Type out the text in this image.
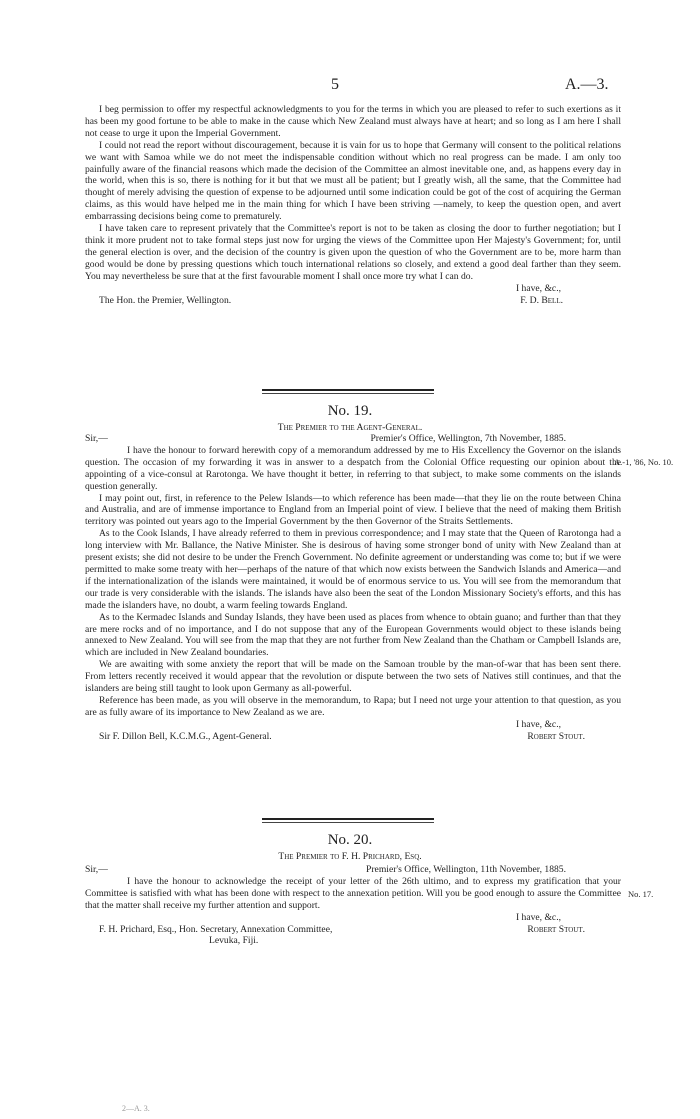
5	A.—3.

I beg permission to offer my respectful acknowledgments to you for the terms in which you are pleased to refer to such exertions as it has been my good fortune to be able to make in the cause which New Zealand must always have at heart; and so long as I am here I shall not cease to urge it upon the Imperial Government.

I could not read the report without discouragement, because it is vain for us to hope that Germany will consent to the political relations we want with Samoa while we do not meet the indispensable condition without which no real progress can be made. I am only too painfully aware of the financial reasons which made the decision of the Committee an almost inevitable one, and, as happens every day in the world, when this is so, there is nothing for it but that we must all be patient; but I greatly wish, all the same, that the Committee had thought of merely advising the question of expense to be adjourned until some indication could be got of the cost of acquiring the German claims, as this would have helped me in the main thing for which I have been striving —namely, to keep the question open, and avert embarrassing decisions being come to prematurely.

I have taken care to represent privately that the Committee's report is not to be taken as closing the door to further negotiation; but I think it more prudent not to take formal steps just now for urging the views of the Committee upon Her Majesty's Government; for, until the general election is over, and the decision of the country is given upon the question of who the Government are to be, more harm than good would be done by pressing questions which touch international relations so closely, and extend a good deal farther than they seem. You may nevertheless be sure that at the first favourable moment I shall once more try what I can do.

I have, &c.,
The Hon. the Premier, Wellington.	F. D. Bell.
No. 19.
The Premier to the Agent-General.
A.-1, '86, No. 10.
Sir,—	Premier's Office, Wellington, 7th November, 1885.

I have the honour to forward herewith copy of a memorandum addressed by me to His Excellency the Governor on the islands question. The occasion of my forwarding it was in answer to a despatch from the Colonial Office requesting our opinion about the appointing of a vice-consul at Rarotonga. We have thought it better, in referring to that subject, to make some comments on the islands question generally.

I may point out, first, in reference to the Pelew Islands—to which reference has been made—that they lie on the route between China and Australia, and are of immense importance to England from an Imperial point of view. I believe that the need of making them British territory was pointed out years ago to the Imperial Government by the then Governor of the Straits Settlements.

As to the Cook Islands, I have already referred to them in previous correspondence; and I may state that the Queen of Rarotonga had a long interview with Mr. Ballance, the Native Minister. She is desirous of having some stronger bond of unity with New Zealand than at present exists; she did not desire to be under the French Government. No definite agreement or understanding was come to; but if we were permitted to make some treaty with her—perhaps of the nature of that which now exists between the Sandwich Islands and America—and if the internationalization of the islands were maintained, it would be of enormous service to us. You will see from the memorandum that our trade is very considerable with the islands. The islands have also been the seat of the London Missionary Society's efforts, and this has made the islanders have, no doubt, a warm feeling towards England.

As to the Kermadec Islands and Sunday Islands, they have been used as places from whence to obtain guano; and further than that they are mere rocks and of no importance, and I do not suppose that any of the European Governments would object to these islands being annexed to New Zealand. You will see from the map that they are not further from New Zealand than the Chatham or Campbell Islands are, which are included in New Zealand boundaries.

We are awaiting with some anxiety the report that will be made on the Samoan trouble by the man-of-war that has been sent there. From letters recently received it would appear that the revolution or dispute between the two sets of Natives still continues, and that the islanders are being still taught to look upon Germany as all-powerful.

Reference has been made, as you will observe in the memorandum, to Rapa; but I need not urge your attention to that question, as you are as fully aware of its importance to New Zealand as we are.

I have, &c.,
Sir F. Dillon Bell, K.C.M.G., Agent-General.	Robert Stout.
No. 20.
The Premier to F. H. Prichard, Esq.
No. 17.
Sir,—	Premier's Office, Wellington, 11th November, 1885.

I have the honour to acknowledge the receipt of your letter of the 26th ultimo, and to express my gratification that your Committee is satisfied with what has been done with respect to the annexation petition. Will you be good enough to assure the Committee that the matter shall receive my further attention and support.

I have, &c.,
F. H. Prichard, Esq., Hon. Secretary, Annexation Committee,	Robert Stout.
Levuka, Fiji.
2—A. 3.
